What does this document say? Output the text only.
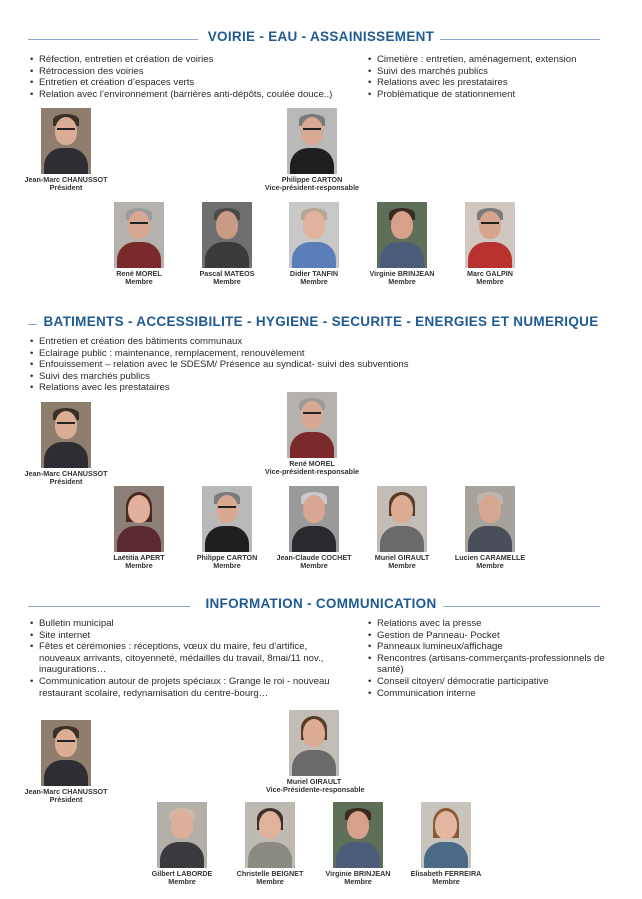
VOIRIE - EAU - ASSAINISSEMENT
• Réfection, entretien et création de voiries
• Rétrocession des voiries
• Entretien et création d’espaces verts
• Relation avec l’environnement (barrières anti-dépôts, coulée douce..)
• Cimetière : entretien, aménagement, extension
• Suivi des marchés publics
• Relations avec les prestataires
• Problématique de stationnement
Jean-Marc CHANUSSOT
Président
Philippe CARTON
Vice-président-responsable
René MOREL
Membre
Pascal MATEOS
Membre
Didier TANFIN
Membre
Virginie BRINJEAN
Membre
Marc GALPIN
Membre
BATIMENTS - ACCESSIBILITE - HYGIENE - SECURITE - ENERGIES ET NUMERIQUE
• Entretien et création des bâtiments communaux
• Eclairage public : maintenance, remplacement, renouvèlement
• Enfouissement – relation avec le SDESM/ Présence au syndicat- suivi des subventions
• Suivi des marchés publics
• Relations avec les prestataires
Jean-Marc CHANUSSOT
Président
René MOREL
Vice-président-responsable
Laëtitia APERT
Membre
Philippe CARTON
Membre
Jean-Claude COCHET
Membre
Muriel GIRAULT
Membre
Lucien CARAMELLE
Membre
INFORMATION - COMMUNICATION
• Bulletin municipal
• Site internet
• Fêtes et cérémonies : réceptions, vœux du maire, feu d’artifice, nouveaux arrivants, citoyenneté, médailles du travail, 8mai/11 nov., inaugurations…
• Communication autour de projets spéciaux : Grange le roi - nouveau restaurant scolaire, redynamisation du centre-bourg…
• Relations avec la presse
• Gestion de Panneau- Pocket
• Panneaux lumineux/affichage
• Rencontres (artisans-commerçants-professionnels de santé)
• Conseil citoyen/ démocratie participative
• Communication interne
Jean-Marc CHANUSSOT
Président
Muriel GIRAULT
Vice-Présidente-responsable
Gilbert LABORDE
Membre
Christelle BEIGNET
Membre
Virginie BRINJEAN
Membre
Elisabeth FERREIRA
Membre
